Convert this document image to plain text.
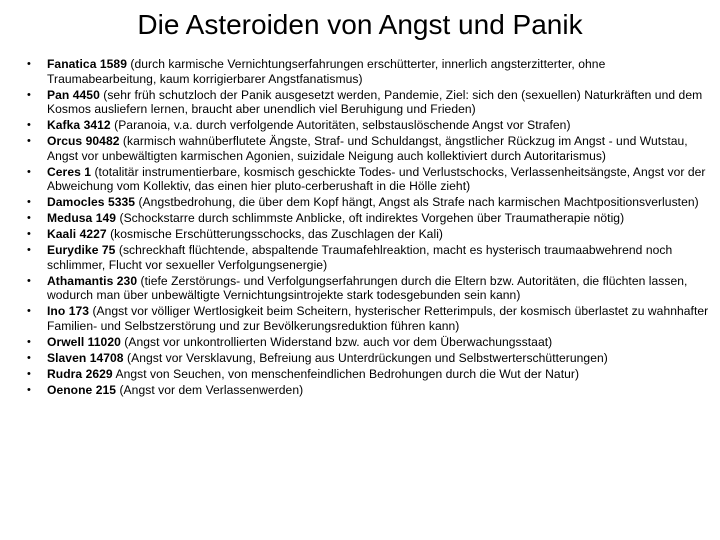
Die Asteroiden von Angst und Panik
• Fanatica 1589 (durch karmische Vernichtungserfahrungen erschütterter, innerlich angsterzitterter, ohne Traumabearbeitung, kaum korrigierbarer Angstfanatismus)
• Pan 4450 (sehr früh schutzloch der Panik ausgesetzt werden, Pandemie, Ziel: sich den (sexuellen) Naturkräften und dem Kosmos ausliefern lernen, braucht aber unendlich viel Beruhigung und Frieden)
• Kafka 3412 (Paranoia, v.a. durch verfolgende Autoritäten, selbstauslöschende Angst vor Strafen)
• Orcus 90482 (karmisch wahnüberflutete Ängste, Straf- und Schuldangst, ängstlicher Rückzug im Angst - und Wutstau, Angst vor unbewältigten karmischen Agonien, suizidale Neigung auch kollektiviert durch Autoritarismus)
• Ceres 1 (totalitär instrumentierbare, kosmisch geschickte Todes- und Verlustschocks, Verlassenheitsängste, Angst vor der Abweichung vom Kollektiv, das einen hier pluto-cerberushaft in die Hölle zieht)
• Damocles 5335 (Angstbedrohung, die über dem Kopf hängt, Angst als Strafe nach karmischen Machtpositionsverlusten)
• Medusa 149 (Schockstarre durch schlimmste Anblicke, oft indirektes Vorgehen über Traumatherapie nötig)
• Kaali 4227 (kosmische Erschütterungsschocks, das Zuschlagen der Kali)
• Eurydike 75 (schreckhaft flüchtende, abspaltende Traumafehlreaktion, macht es hysterisch traumaabwehrend noch schlimmer, Flucht vor sexueller Verfolgungsenergie)
• Athamantis 230 (tiefe Zerstörungs- und Verfolgungserfahrungen durch die Eltern bzw. Autoritäten, die flüchten lassen, wodurch man über unbewältigte Vernichtungsintrojekte stark todesgebunden sein kann)
• Ino 173 (Angst vor völliger Wertlosigkeit beim Scheitern, hysterischer Retterimpuls, der kosmisch überlastet zu wahnhafter Familien- und Selbstzerstörung und zur Bevölkerungsreduktion führen kann)
• Orwell 11020 (Angst vor unkontrollierten Widerstand bzw. auch vor dem Überwachungsstaat)
• Slaven 14708 (Angst vor Versklavung, Befreiung aus Unterdrückungen und Selbstwerterschütterungen)
• Rudra 2629 Angst von Seuchen, von menschenfeindlichen Bedrohungen durch die Wut der Natur)
• Oenone 215 (Angst vor dem Verlassenwerden)
